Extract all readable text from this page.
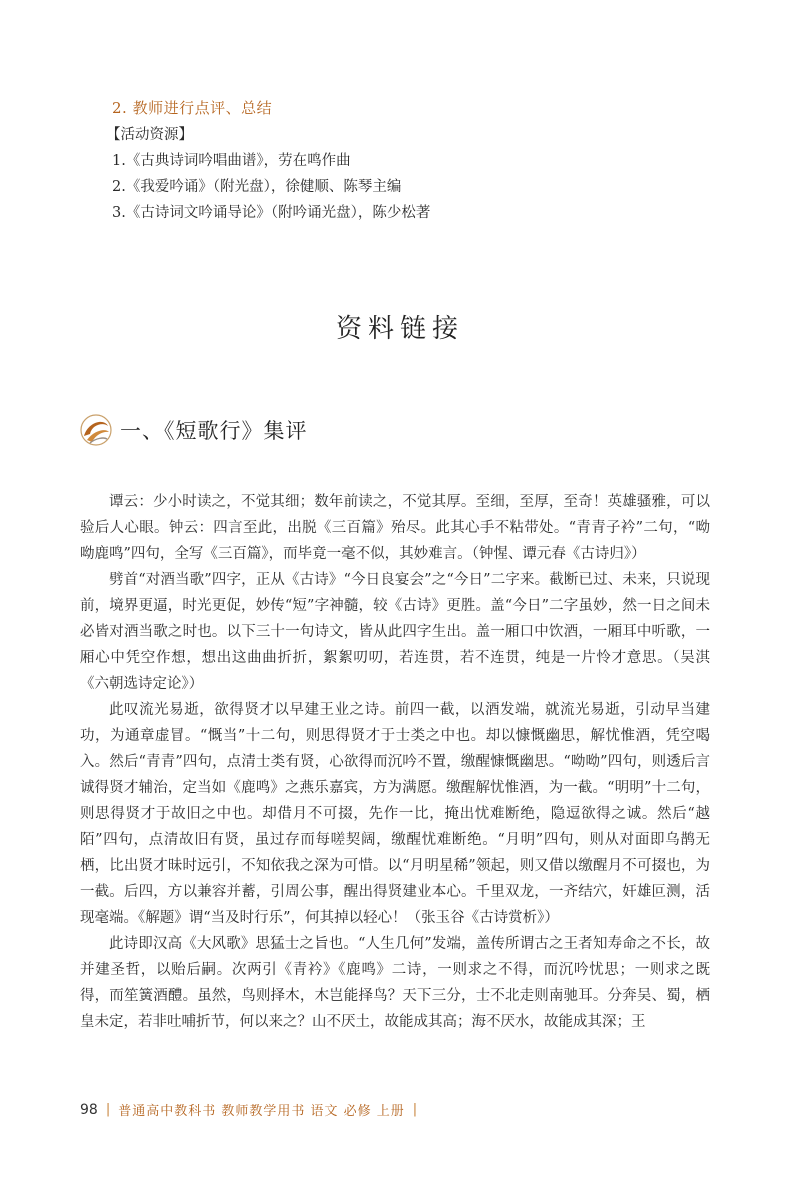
2. 教师进行点评、总结

【活动资源】

1.《古典诗词吟唱曲谱》，劳在鸣作曲

2.《我爱吟诵》（附光盘），徐健顺、陈琴主编

3.《古诗词文吟诵导论》（附吟诵光盘），陈少松著

资料链接
一、《短歌行》集评

谭云：少小时读之，不觉其细；数年前读之，不觉其厚。至细，至厚，至奇！英雄骚雅，可以验后人心眼。钟云：四言至此，出脱《三百篇》殆尽。此其心手不粘带处。“青青子衿”二句，“呦呦鹿鸣”四句，全写《三百篇》，而毕竟一毫不似，其妙难言。（钟惺、谭元春《古诗归》）

劈首“对酒当歌”四字，正从《古诗》“今日良宴会”之“今日”二字来。截断已过、未来，只说现前，境界更逼，时光更促，妙传“短”字神髓，较《古诗》更胜。盖“今日”二字虽妙，然一日之间未必皆对酒当歌之时也。以下三十一句诗文，皆从此四字生出。盖一厢口中饮酒，一厢耳中听歌，一厢心中凭空作想，想出这曲曲折折，絮絮叨叨，若连贯，若不连贯，纯是一片怜才意思。（吴淇《六朝选诗定论》）

此叹流光易逝，欲得贤才以早建王业之诗。前四一截，以酒发端，就流光易逝，引动早当建功，为通章虚冒。“慨当”十二句，则思得贤才于士类之中也。却以慷慨幽思，解忧惟酒，凭空喝入。然后“青青”四句，点清士类有贤，心欲得而沉吟不置，缴醒慷慨幽思。“呦呦”四句，则透后言诚得贤才辅治，定当如《鹿鸣》之燕乐嘉宾，方为满愿。缴醒解忧惟酒，为一截。“明明”十二句，则思得贤才于故旧之中也。却借月不可掇，先作一比，掩出忧难断绝，隐逗欲得之诚。然后“越陌”四句，点清故旧有贤，虽过存而每嗟契阔，缴醒忧难断绝。“月明”四句，则从对面即乌鹊无栖，比出贤才昧时远引，不知依我之深为可惜。以“月明星稀”领起，则又借以缴醒月不可掇也，为一截。后四，方以兼容并蓄，引周公事，醒出得贤建业本心。千里双龙，一齐结穴，奸雄叵测，活现毫端。《解题》谓“当及时行乐”，何其掉以轻心！（张玉谷《古诗赏析》）

此诗即汉高《大风歌》思猛士之旨也。“人生几何”发端，盖传所谓古之王者知寿命之不长，故并建圣哲，以贻后嗣。次两引《青衿》《鹿鸣》二诗，一则求之不得，而沉吟忧思；一则求之既得，而笙簧酒醴。虽然，鸟则择木，木岂能择鸟？天下三分，士不北走则南驰耳。分奔吴、蜀，栖皇未定，若非吐哺折节，何以来之？山不厌土，故能成其高；海不厌水，故能成其深；王

98 | 普通高中教科书 教师教学用书 语文 必修 上册 |
